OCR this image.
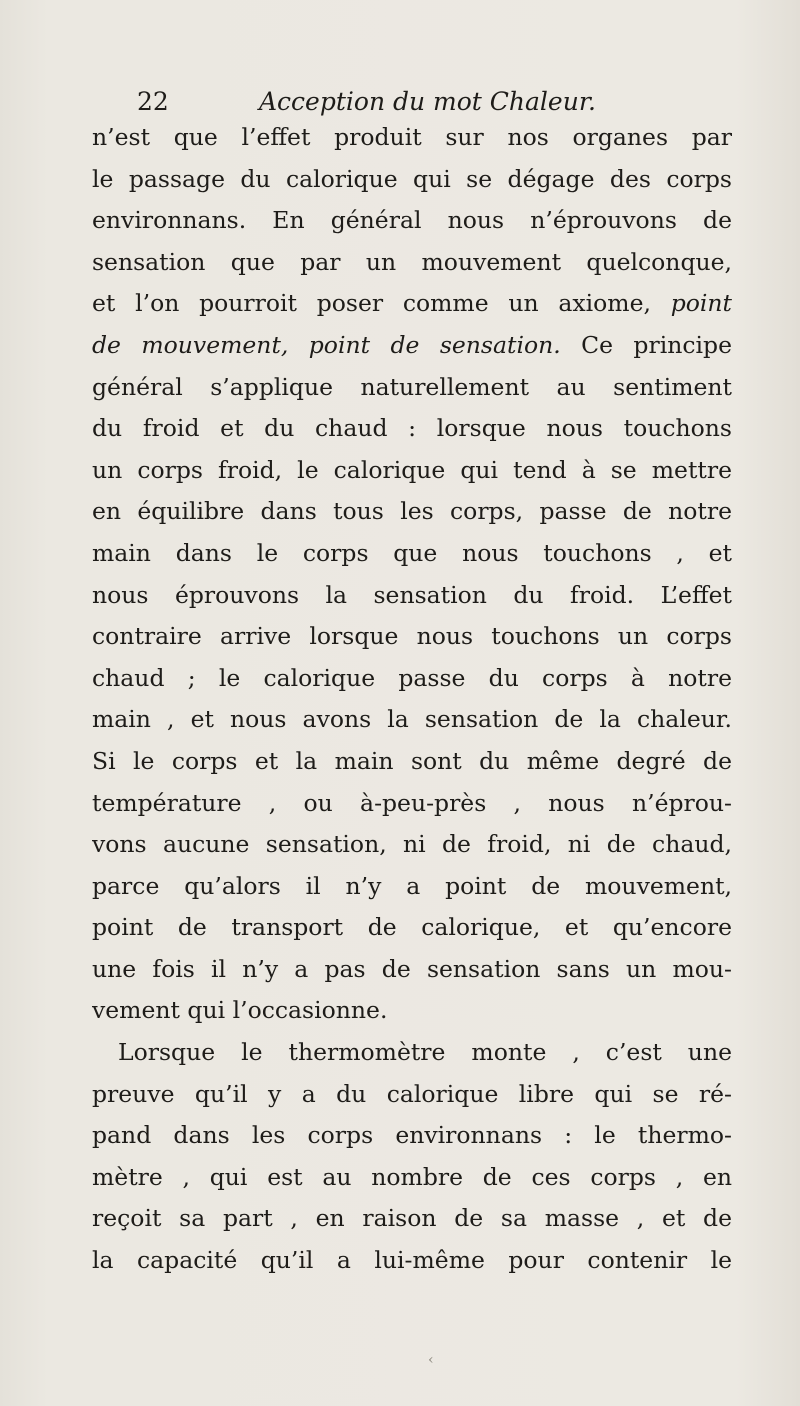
22	Acception du mot Chaleur.
n’est que l’effet produit sur nos organes par
le passage du calorique qui se dégage des corps
environnans. En général nous n’éprouvons de
sensation que par un mouvement quelconque,
et l’on pourroit poser comme un axiome, point
de mouvement, point de sensation. Ce principe
général s’applique naturellement au sentiment
du froid et du chaud : lorsque nous touchons
un corps froid, le calorique qui tend à se mettre
en équilibre dans tous les corps, passe de notre
main dans le corps que nous touchons , et
nous éprouvons la sensation du froid. L’effet
contraire arrive lorsque nous touchons un corps
chaud ; le calorique passe du corps à notre
main , et nous avons la sensation de la chaleur.
Si le corps et la main sont du même degré de
température , ou à-peu-près , nous n’éprou-
vons aucune sensation, ni de froid, ni de chaud,
parce qu’alors il n’y a point de mouvement,
point de transport de calorique, et qu’encore
une fois il n’y a pas de sensation sans un mou-
vement qui l’occasionne.
Lorsque le thermomètre monte , c’est une
preuve qu’il y a du calorique libre qui se ré-
pand dans les corps environnans : le thermo-
mètre , qui est au nombre de ces corps , en
reçoit sa part , en raison de sa masse , et de
la capacité qu’il a lui-même pour contenir le
‹
